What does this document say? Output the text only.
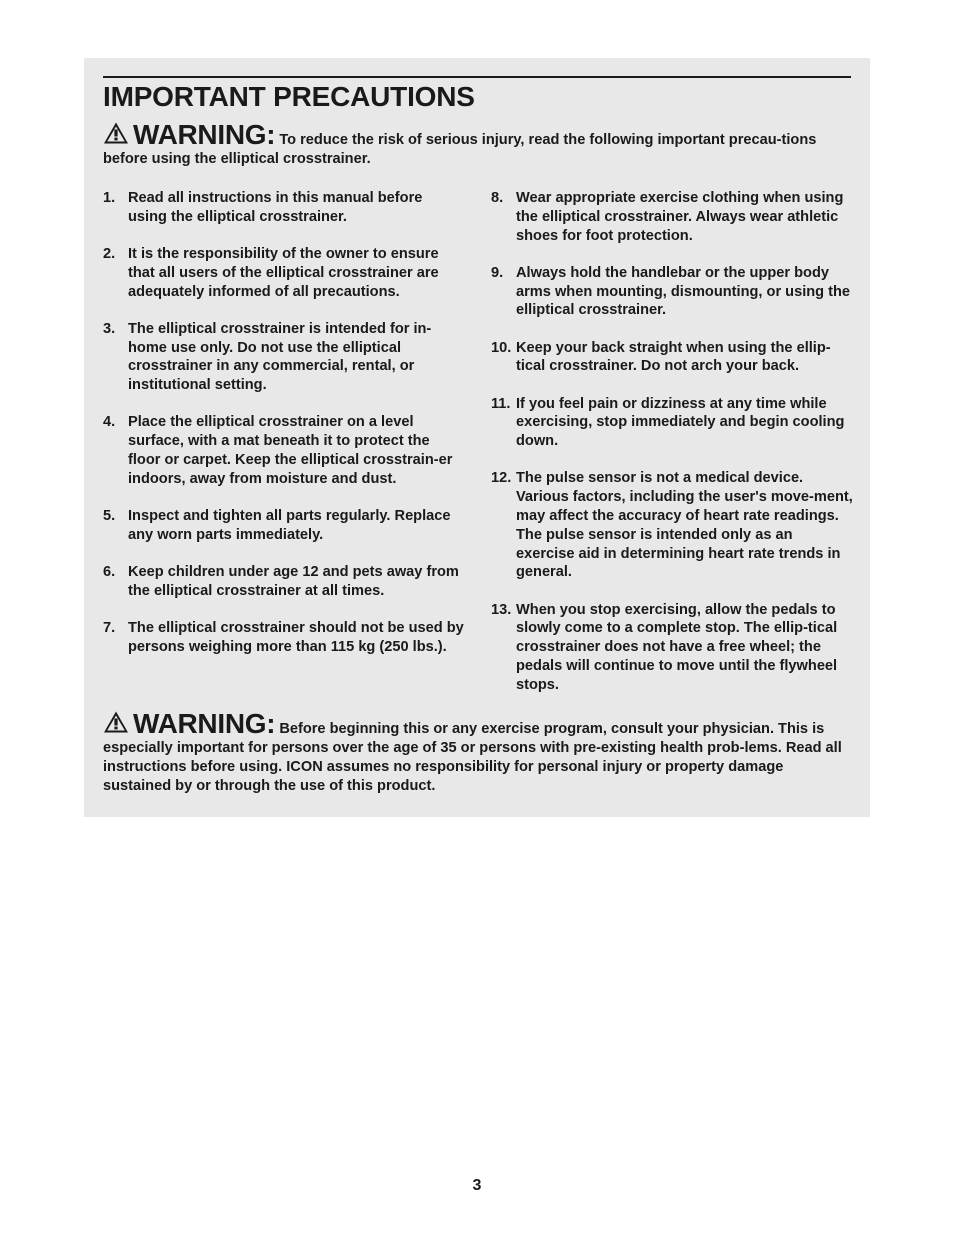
IMPORTANT PRECAUTIONS
WARNING: To reduce the risk of serious injury, read the following important precau-tions before using the elliptical crosstrainer.
1. Read all instructions in this manual before using the elliptical crosstrainer.
2. It is the responsibility of the owner to ensure that all users of the elliptical crosstrainer are adequately informed of all precautions.
3. The elliptical crosstrainer is intended for in-home use only. Do not use the elliptical crosstrainer in any commercial, rental, or institutional setting.
4. Place the elliptical crosstrainer on a level surface, with a mat beneath it to protect the floor or carpet. Keep the elliptical crosstrain-er indoors, away from moisture and dust.
5. Inspect and tighten all parts regularly. Replace any worn parts immediately.
6. Keep children under age 12 and pets away from the elliptical crosstrainer at all times.
7. The elliptical crosstrainer should not be used by persons weighing more than 115 kg (250 lbs.).
8. Wear appropriate exercise clothing when using the elliptical crosstrainer. Always wear athletic shoes for foot protection.
9. Always hold the handlebar or the upper body arms when mounting, dismounting, or using the elliptical crosstrainer.
10. Keep your back straight when using the ellip-tical crosstrainer. Do not arch your back.
11. If you feel pain or dizziness at any time while exercising, stop immediately and begin cooling down.
12. The pulse sensor is not a medical device. Various factors, including the user's move-ment, may affect the accuracy of heart rate readings. The pulse sensor is intended only as an exercise aid in determining heart rate trends in general.
13. When you stop exercising, allow the pedals to slowly come to a complete stop. The ellip-tical crosstrainer does not have a free wheel; the pedals will continue to move until the flywheel stops.
WARNING: Before beginning this or any exercise program, consult your physician. This is especially important for persons over the age of 35 or persons with pre-existing health prob-lems. Read all instructions before using. ICON assumes no responsibility for personal injury or property damage sustained by or through the use of this product.
3
